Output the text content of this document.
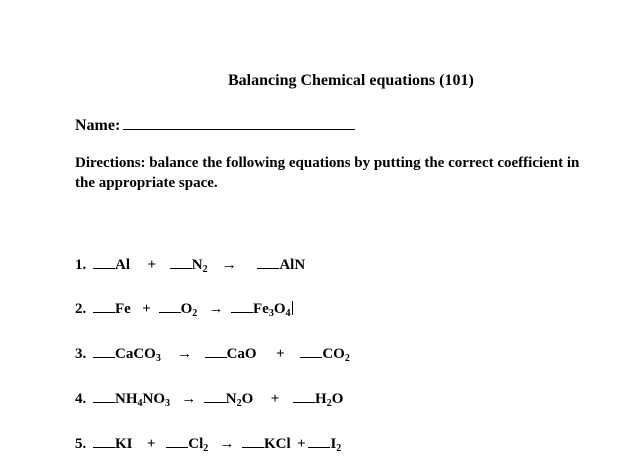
Balancing Chemical equations (101)
Name:
Directions: balance the following equations by putting the correct coefficient in the appropriate space.
1. $Al + N_2$ →	AlN
2. $Fe + O_2 \to Fe_3O_4$
3. CaCO$_3$ → CaO +	$CO_2$
4. $NH_4NO_3 \to N_2O + H_2O$
5. KI + $Cl_2$ → KCl + $I_2$
